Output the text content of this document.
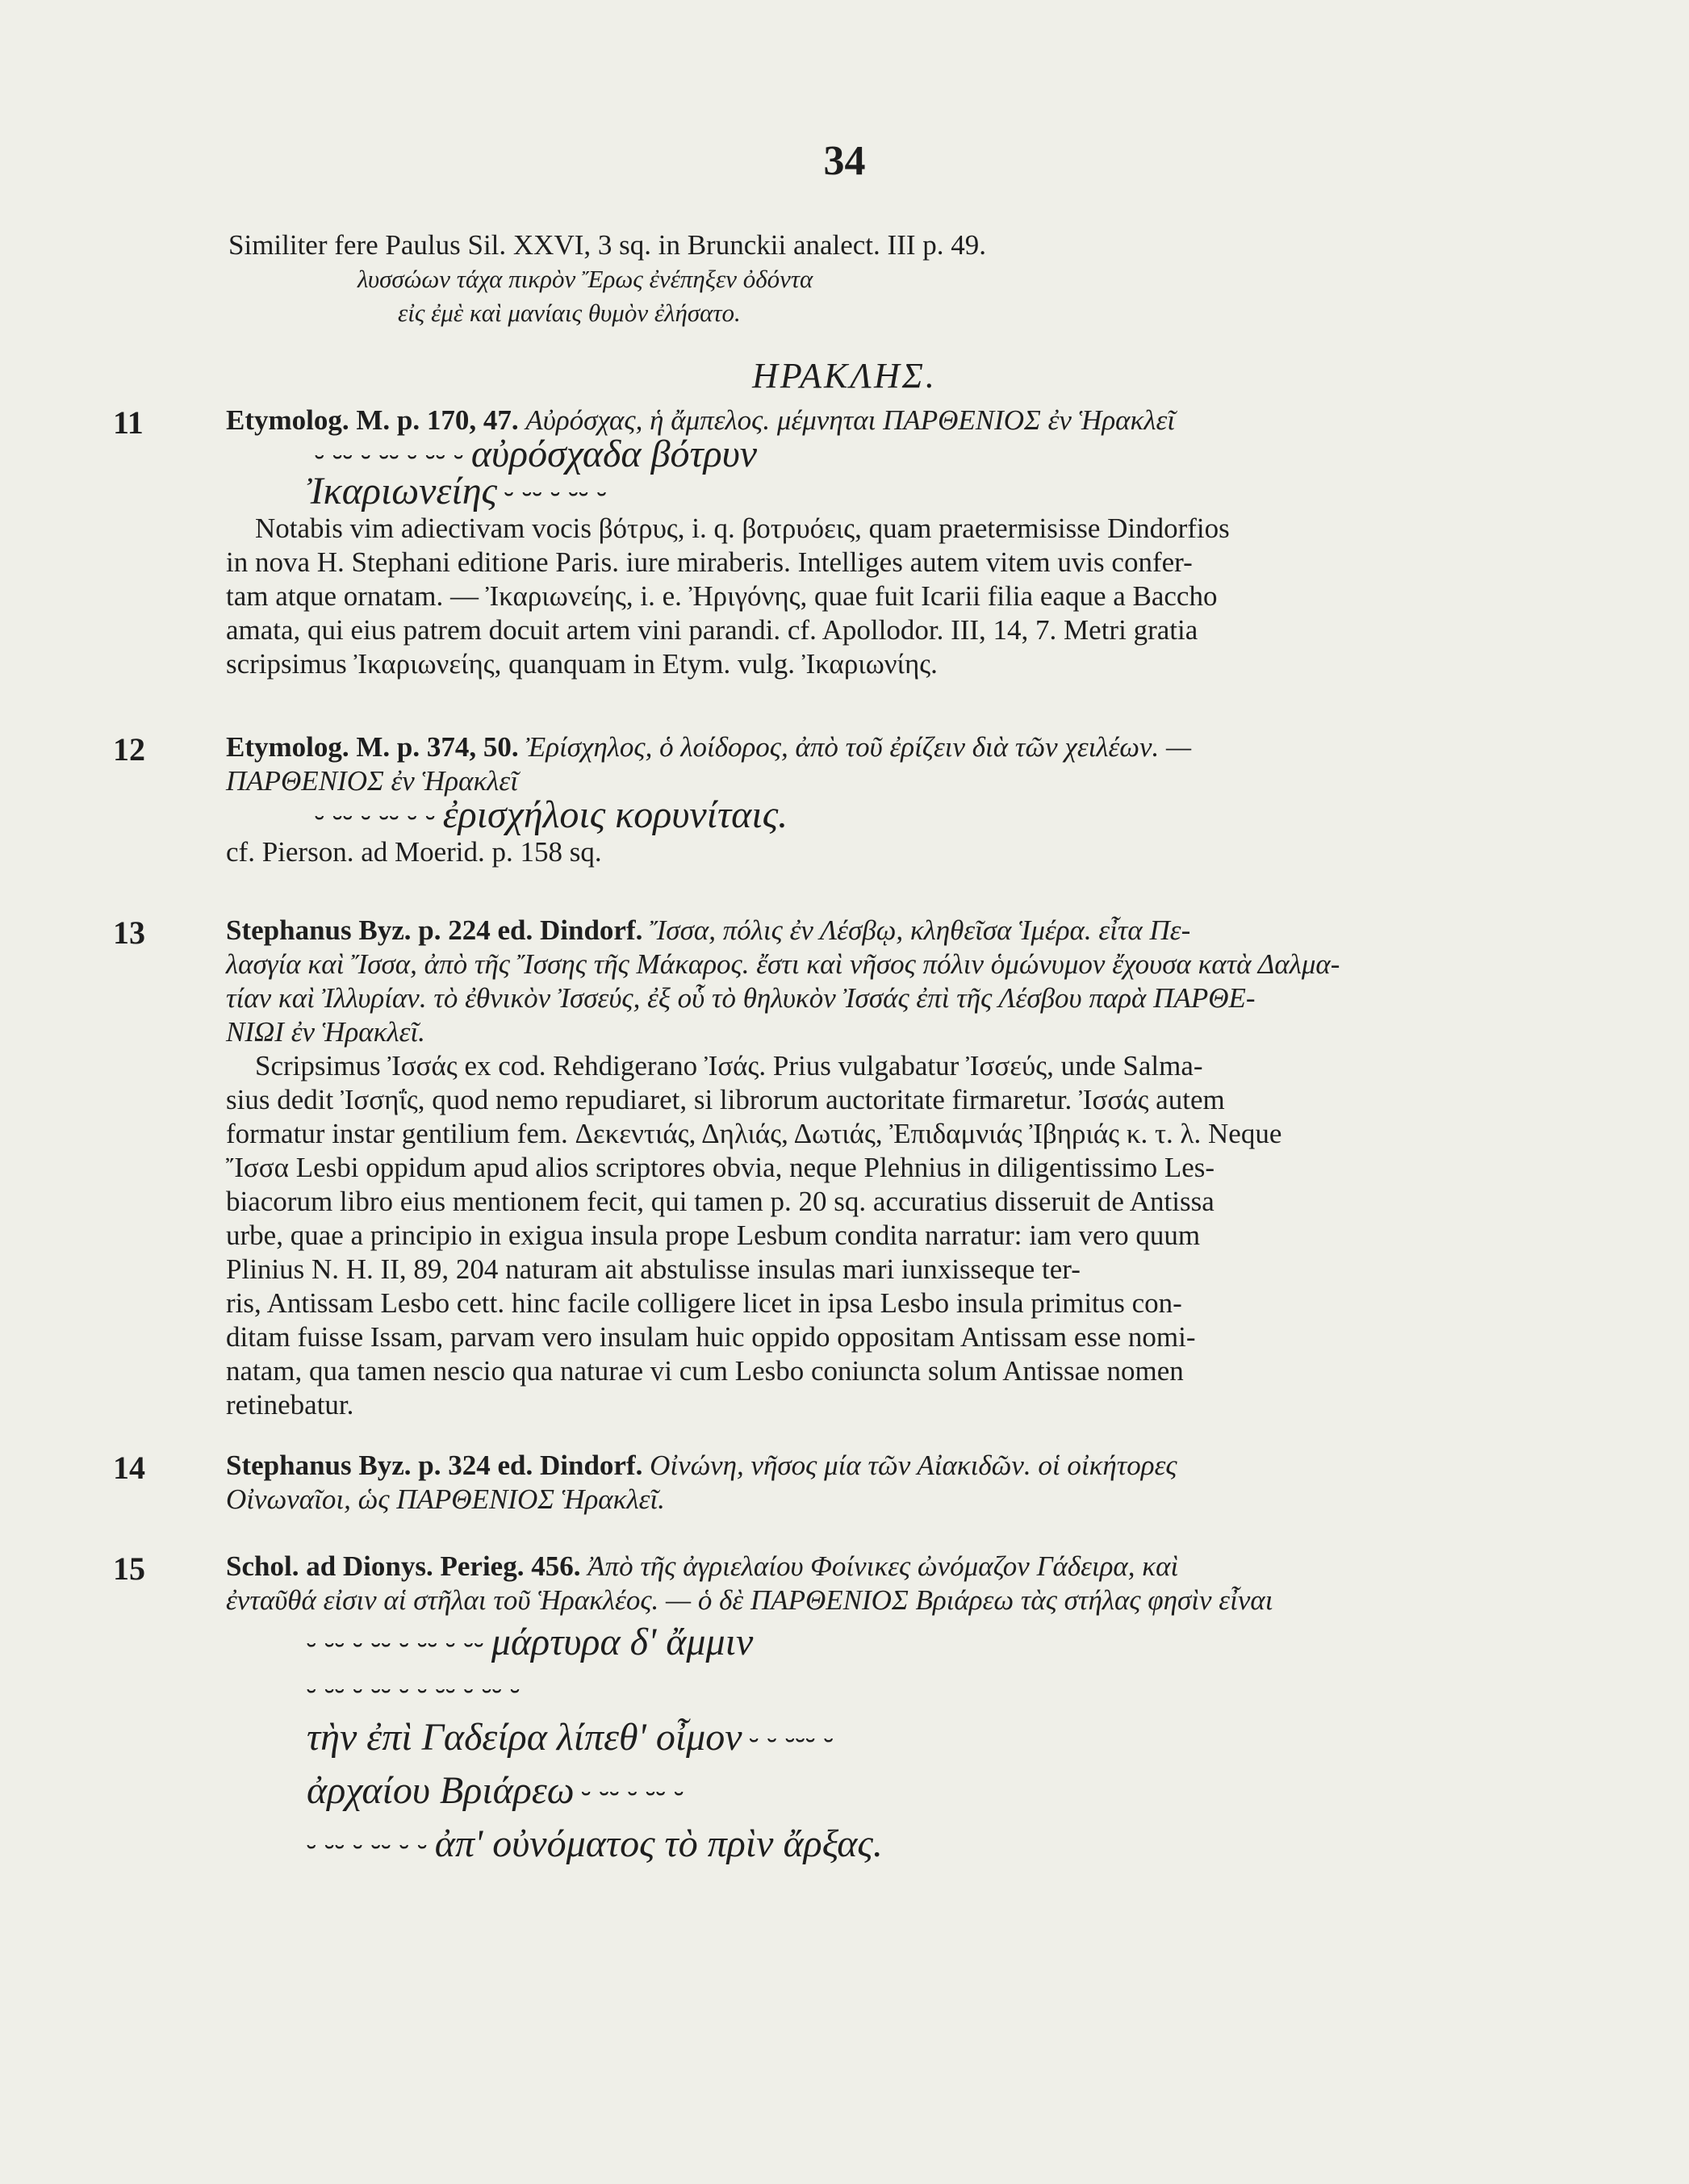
34
Similiter fere Paulus Sil. XXVI, 3 sq. in Brunckii analect. III p. 49.
λυσσώων τάχα πικρὸν Ἔρως ἐνέπηξεν ὀδόντα
εἰς ἐμὲ καὶ μανίαις θυμὸν ἐλήσατο.
ΗΡΑΚΛΗΣ.
11	Etymolog. M. p. 170, 47. Αὐρόσχας, ἡ ἄμπελος. μέμνηται ΠΑΡΘΕΝΙΟΣ ἐν Ἡρακλεῖ
⏑ ⏑⏑ ⏑ ⏑⏑ ⏑ ⏑⏑ ⏑ αὐρόσχαδα βότρυν
Ἰκαριωνείης ⏑ ⏑⏑ ⏑ ⏑⏑ ⏑
Notabis vim adiectivam vocis βότρυς, i. q. βοτρυόεις, quam praetermisisse Dindorfios
in nova H. Stephani editione Paris. iure miraberis. Intelliges autem vitem uvis confer-
tam atque ornatam. — Ἰκαριωνείης, i. e. Ἠριγόνης, quae fuit Icarii filia eaque a Baccho
amata, qui eius patrem docuit artem vini parandi. cf. Apollodor. III, 14, 7. Metri gratia
scripsimus Ἰκαριωνείης, quanquam in Etym. vulg. Ἰκαριωνίης.
12	Etymolog. M. p. 374, 50. Ἐρίσχηλος, ὁ λοίδορος, ἀπὸ τοῦ ἐρίζειν διὰ τῶν χειλέων. —
ΠΑΡΘΕΝΙΟΣ ἐν Ἡρακλεῖ
⏑ ⏑⏑ ⏑ ⏑⏑ ⏑ ⏑ ἐρισχήλοις κορυνίταις.
cf. Pierson. ad Moerid. p. 158 sq.
13	Stephanus Byz. p. 224 ed. Dindorf. Ἴσσα, πόλις ἐν Λέσβῳ, κληθεῖσα Ἱμέρα. εἶτα Πε-
λασγία καὶ Ἴσσα, ἀπὸ τῆς Ἴσσης τῆς Μάκαρος. ἔστι καὶ νῆσος πόλιν ὁμώνυμον ἔχουσα κατὰ Δαλμα-
τίαν καὶ Ἰλλυρίαν. τὸ ἐθνικὸν Ἰσσεύς, ἐξ οὗ τὸ θηλυκὸν Ἰσσάς ἐπὶ τῆς Λέσβου παρὰ ΠΑΡΘΕ-
ΝΙΩΙ ἐν Ἡρακλεῖ.
Scripsimus Ἰσσάς ex cod. Rehdigerano Ἰσάς. Prius vulgabatur Ἰσσεύς, unde Salma-
sius dedit Ἰσσηΐς, quod nemo repudiaret, si librorum auctoritate firmaretur. Ἰσσάς autem
formatur instar gentilium fem. Δεκεντιάς, Δηλιάς, Δωτιάς, Ἐπιδαμνιάς Ἰβηριάς κ. τ. λ. Neque
Ἴσσα Lesbi oppidum apud alios scriptores obvia, neque Plehnius in diligentissimo Les-
biacorum libro eius mentionem fecit, qui tamen p. 20 sq. accuratius disseruit de Antissa
urbe, quae a principio in exigua insula prope Lesbum condita narratur: iam vero quum
Plinius N. H. II, 89, 204 naturam ait abstulisse insulas mari iunxisseque ter-
ris, Antissam Lesbo cett. hinc facile colligere licet in ipsa Lesbo insula primitus con-
ditam fuisse Issam, parvam vero insulam huic oppido oppositam Antissam esse nomi-
natam, qua tamen nescio qua naturae vi cum Lesbo coniuncta solum Antissae nomen
retinebatur.
14	Stephanus Byz. p. 324 ed. Dindorf. Οἰνώνη, νῆσος μία τῶν Αἰακιδῶν. οἱ οἰκήτορες
Οἰνωναῖοι, ὡς ΠΑΡΘΕΝΙΟΣ Ἡρακλεῖ.
15	Schol. ad Dionys. Perieg. 456. Ἀπὸ τῆς ἀγριελαίου Φοίνικες ὠνόμαζον Γάδειρα, καὶ
ἐνταῦθά εἰσιν αἱ στῆλαι τοῦ Ἡρακλέος. — ὁ δὲ ΠΑΡΘΕΝΙΟΣ Βριάρεω τὰς στήλας φησὶν εἶναι
⏑ ⏑⏑ ⏑ ⏑⏑ ⏑ ⏑⏑ ⏑ ⏑⏑ μάρτυρα δ' ἄμμιν
⏑ ⏑⏑ ⏑ ⏑⏑ ⏑ ⏑ ⏑⏑ ⏑ ⏑⏑ ⏑
τὴν ἐπὶ Γαδείρα λίπεθ' οἶμον ⏑ ⏑ ⏑⏑⏑ ⏑
ἀρχαίου Βριάρεω ⏑ ⏑⏑ ⏑ ⏑⏑ ⏑
⏑ ⏑⏑ ⏑ ⏑⏑ ⏑ ⏑ ἀπ' οὐνόματος τὸ πρὶν ἄρξας.
